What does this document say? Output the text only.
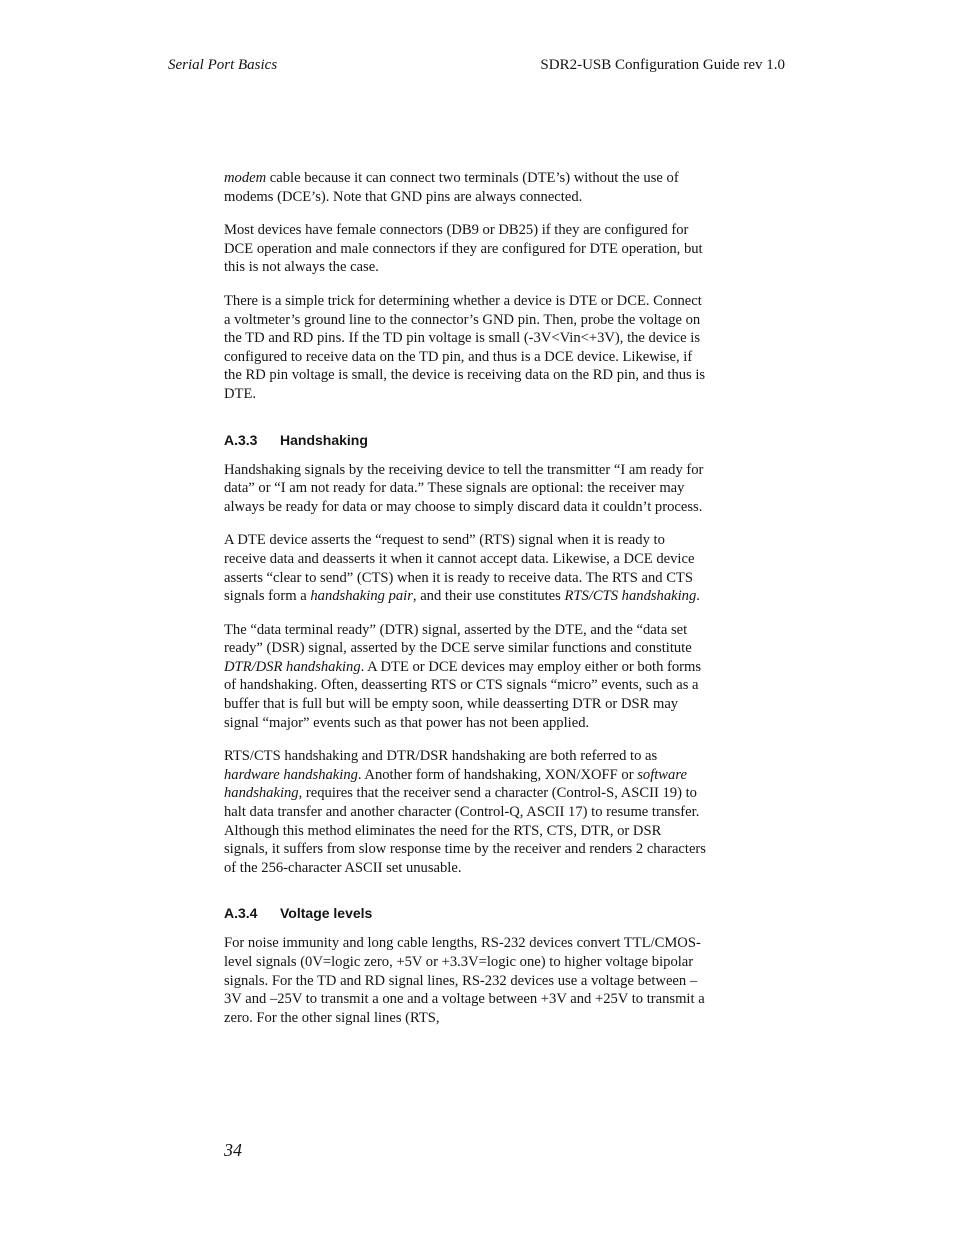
Serial Port Basics	SDR2-USB Configuration Guide rev 1.0

modem cable because it can connect two terminals (DTE’s) without the use of modems (DCE’s). Note that GND pins are always connected.

Most devices have female connectors (DB9 or DB25) if they are configured for DCE operation and male connectors if they are configured for DTE operation, but this is not always the case.

There is a simple trick for determining whether a device is DTE or DCE. Connect a voltmeter’s ground line to the connector’s GND pin. Then, probe the voltage on the TD and RD pins. If the TD pin voltage is small (-3V<Vin<+3V), the device is configured to receive data on the TD pin, and thus is a DCE device. Likewise, if the RD pin voltage is small, the device is receiving data on the RD pin, and thus is DTE.

A.3.3 Handshaking

Handshaking signals by the receiving device to tell the transmitter “I am ready for data” or “I am not ready for data.” These signals are optional: the receiver may always be ready for data or may choose to simply discard data it couldn’t process.

A DTE device asserts the “request to send” (RTS) signal when it is ready to receive data and deasserts it when it cannot accept data. Likewise, a DCE device asserts “clear to send” (CTS) when it is ready to receive data. The RTS and CTS signals form a handshaking pair, and their use constitutes RTS/CTS handshaking.

The “data terminal ready” (DTR) signal, asserted by the DTE, and the “data set ready” (DSR) signal, asserted by the DCE serve similar functions and constitute DTR/DSR handshaking. A DTE or DCE devices may employ either or both forms of handshaking. Often, deasserting RTS or CTS signals “micro” events, such as a buffer that is full but will be empty soon, while deasserting DTR or DSR may signal “major” events such as that power has not been applied.

RTS/CTS handshaking and DTR/DSR handshaking are both referred to as hardware handshaking. Another form of handshaking, XON/XOFF or software handshaking, requires that the receiver send a character (Control-S, ASCII 19) to halt data transfer and another character (Control-Q, ASCII 17) to resume transfer. Although this method eliminates the need for the RTS, CTS, DTR, or DSR signals, it suffers from slow response time by the receiver and renders 2 characters of the 256-character ASCII set unusable.

A.3.4 Voltage levels

For noise immunity and long cable lengths, RS-232 devices convert TTL/CMOS-level signals (0V=logic zero, +5V or +3.3V=logic one) to higher voltage bipolar signals. For the TD and RD signal lines, RS-232 devices use a voltage between –3V and –25V to transmit a one and a voltage between +3V and +25V to transmit a zero. For the other signal lines (RTS,

34
